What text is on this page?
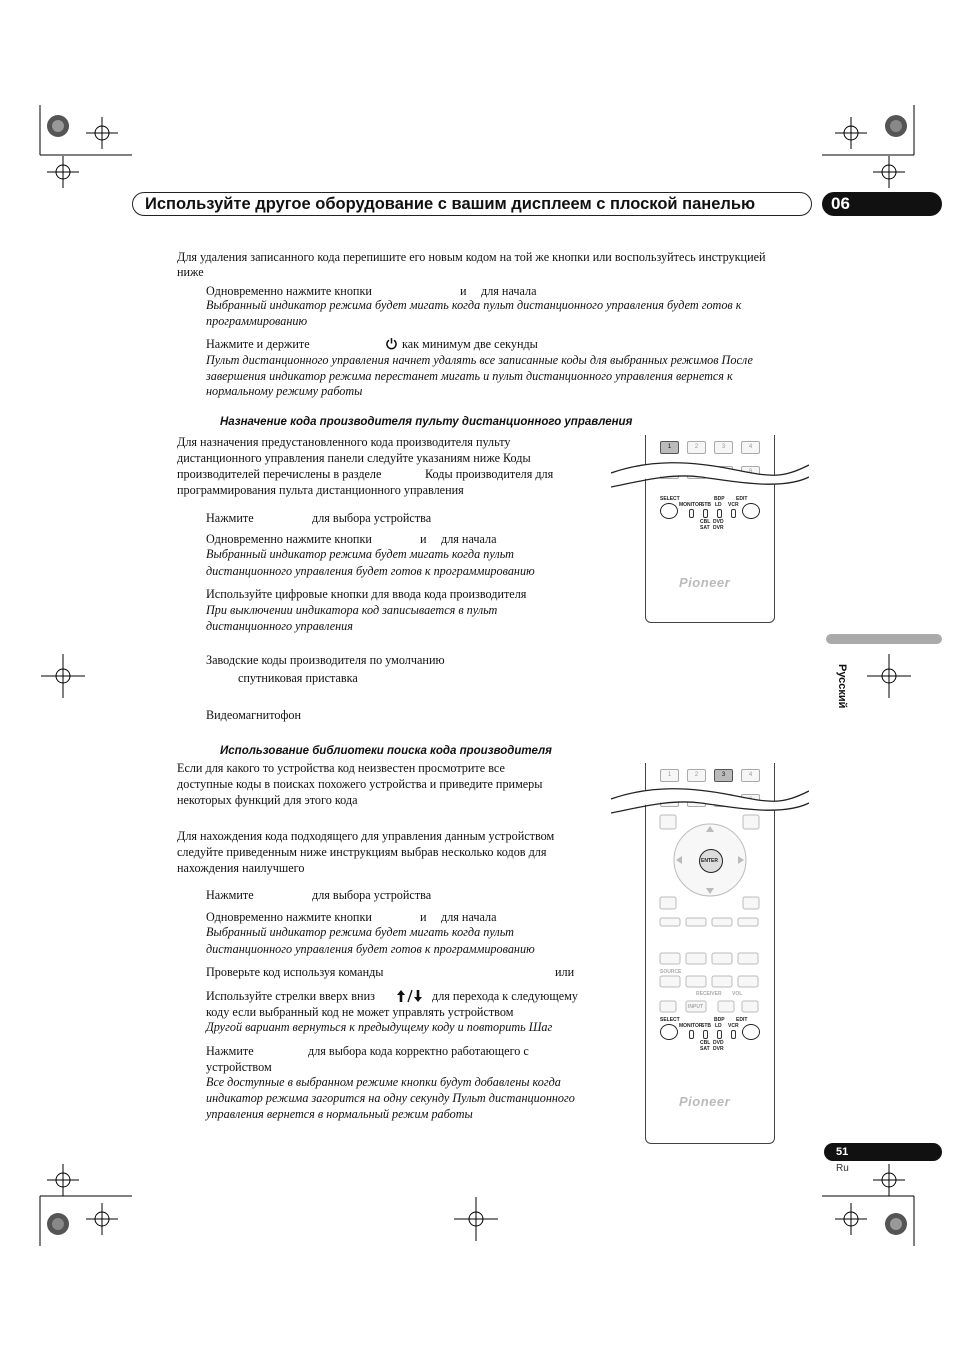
Используйте другое оборудование с вашим дисплеем с плоской панелью	06
Русский
51
Ru
Для удаления записанного кода перепишите его новым кодом на той же кнопки или воспользуйтесь инструкцией
ниже
Одновременно нажмите кнопки	и для начала
Выбранный индикатор режима будет мигать когда пульт дистанционного управления будет готов к
программированию
Нажмите и держите	как минимум две секунды
Пульт дистанционного управления начнет удалять все записанные коды для выбранных режимов После
завершения индикатор режима перестанет мигать и пульт дистанционного управления вернется к
нормальному режиму работы
Назначение кода производителя пульту дистанционного управления
Для назначения предустановленного кода производителя пульту
дистанционного управления панели следуйте указаниям ниже Коды
производителей перечислены в разделе	Коды производителя для
программирования пульта дистанционного управления
Нажмите	для выбора устройства
Одновременно нажмите кнопки	и для начала
Выбранный индикатор режима будет мигать когда пульт
дистанционного управления будет готов к программированию
Используйте цифровые кнопки для ввода кода производителя
При выключении индикатора код записывается в пульт
дистанционного управления
Заводские коды производителя по умолчанию
спутниковая приставка
Видеомагнитофон
Использование библиотеки поиска кода производителя
Если для какого то устройства код неизвестен просмотрите все
доступные коды в поисках похожего устройства и приведите примеры
некоторых функций для этого кода
Для нахождения кода подходящего для управления данным устройством
следуйте приведенным ниже инструкциям выбрав несколько кодов для
нахождения наилучшего
Нажмите	для выбора устройства
Одновременно нажмите кнопки	и для начала
Выбранный индикатор режима будет мигать когда пульт
дистанционного управления будет готов к программированию
Проверьте код используя команды	или
Используйте стрелки вверх вниз	для перехода к следующему
коду если выбранный код не может управлять устройством
Другой вариант вернуться к предыдущему коду и повторить Шаг
Нажмите	для выбора кода корректно работающего с
устройством
Все доступные в выбранном режиме кнопки будут добавлены когда
индикатор режима загорится на одну секунду Пульт дистанционного
управления вернется в нормальный режим работы
1	2	3	4
8
SELECT	EDIT
MONITOR
STB
BDP
LD VCR
CBL DVD
SAT DVR
Pioneer
1	2	3	4
ENTER
RECEIVER
SOURCE
VOL
INPUT
SELECT	EDIT
MONITOR
STB
BDP
LD VCR
CBL DVD
SAT DVR
Pioneer
